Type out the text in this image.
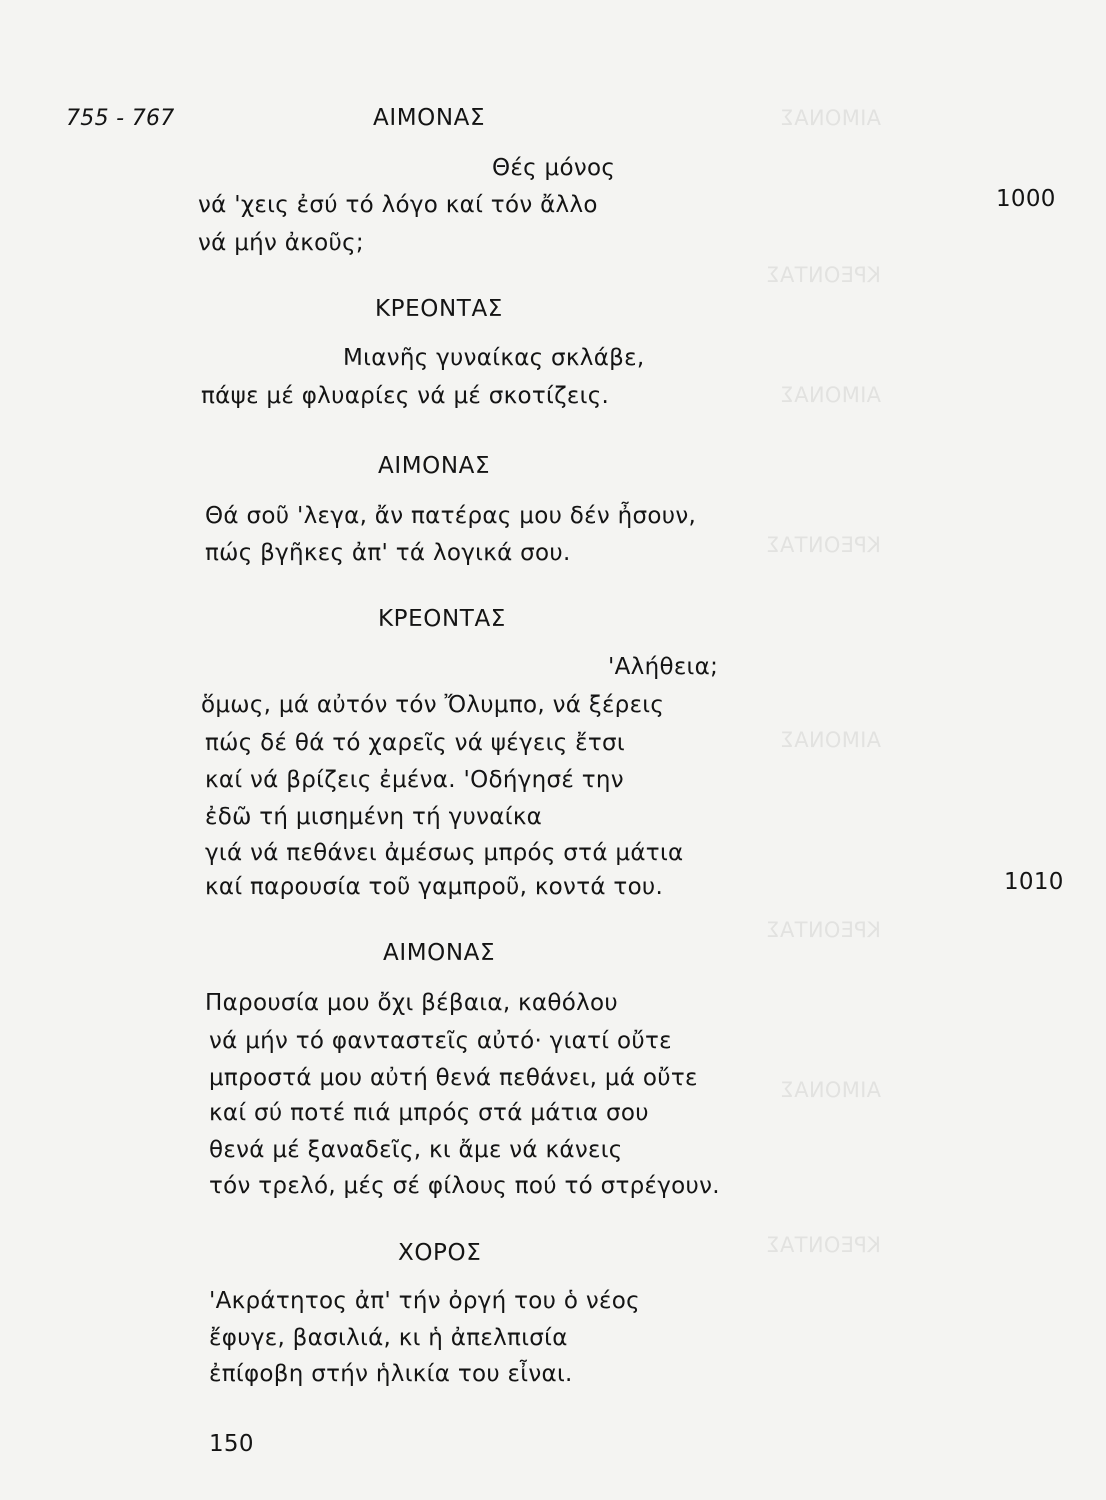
ΑΙΜΟΝΑΣ
ΚΡΕΟΝΤΑΣ
ΑΙΜΟΝΑΣ
ΚΡΕΟΝΤΑΣ
ΑΙΜΟΝΑΣ
ΚΡΕΟΝΤΑΣ
ΑΙΜΟΝΑΣ
ΚΡΕΟΝΤΑΣ
755 - 767	ΑΙΜΟΝΑΣ
Θές μόνος
νά 'χεις ἐσύ τό λόγο καί τόν ἄλλο	1000
νά μήν ἀκοῦς;
ΚΡΕΟΝΤΑΣ
Μιανῆς γυναίκας σκλάβε,
πάψε μέ φλυαρίες νά μέ σκοτίζεις.
ΑΙΜΟΝΑΣ
Θά σοῦ 'λεγα, ἄν πατέρας μου δέν ἦσουν,
πώς βγῆκες ἀπ' τά λογικά σου.
ΚΡΕΟΝΤΑΣ
'Αλήθεια;
ὅμως, μά αὐτόν τόν Ὄλυμπο, νά ξέρεις
πώς δέ θά τό χαρεῖς νά ψέγεις ἔτσι
καί νά βρίζεις ἐμένα. 'Οδήγησέ την
ἐδῶ τή μισημένη τή γυναίκα
γιά νά πεθάνει ἀμέσως μπρός στά μάτια
καί παρουσία τοῦ γαμπροῦ, κοντά του.	1010
ΑΙΜΟΝΑΣ
Παρουσία μου ὄχι βέβαια, καθόλου
νά μήν τό φανταστεῖς αὐτό· γιατί οὔτε
μπροστά μου αὐτή θενά πεθάνει, μά οὔτε
καί σύ ποτέ πιά μπρός στά μάτια σου
θενά μέ ξαναδεῖς, κι ἄμε νά κάνεις
τόν τρελό, μές σέ φίλους πού τό στρέγουν.
ΧΟΡΟΣ
'Ακράτητος ἀπ' τήν ὀργή του ὁ νέος
ἔφυγε, βασιλιά, κι ἡ ἀπελπισία
ἐπίφοβη στήν ἡλικία του εἶναι.
150
